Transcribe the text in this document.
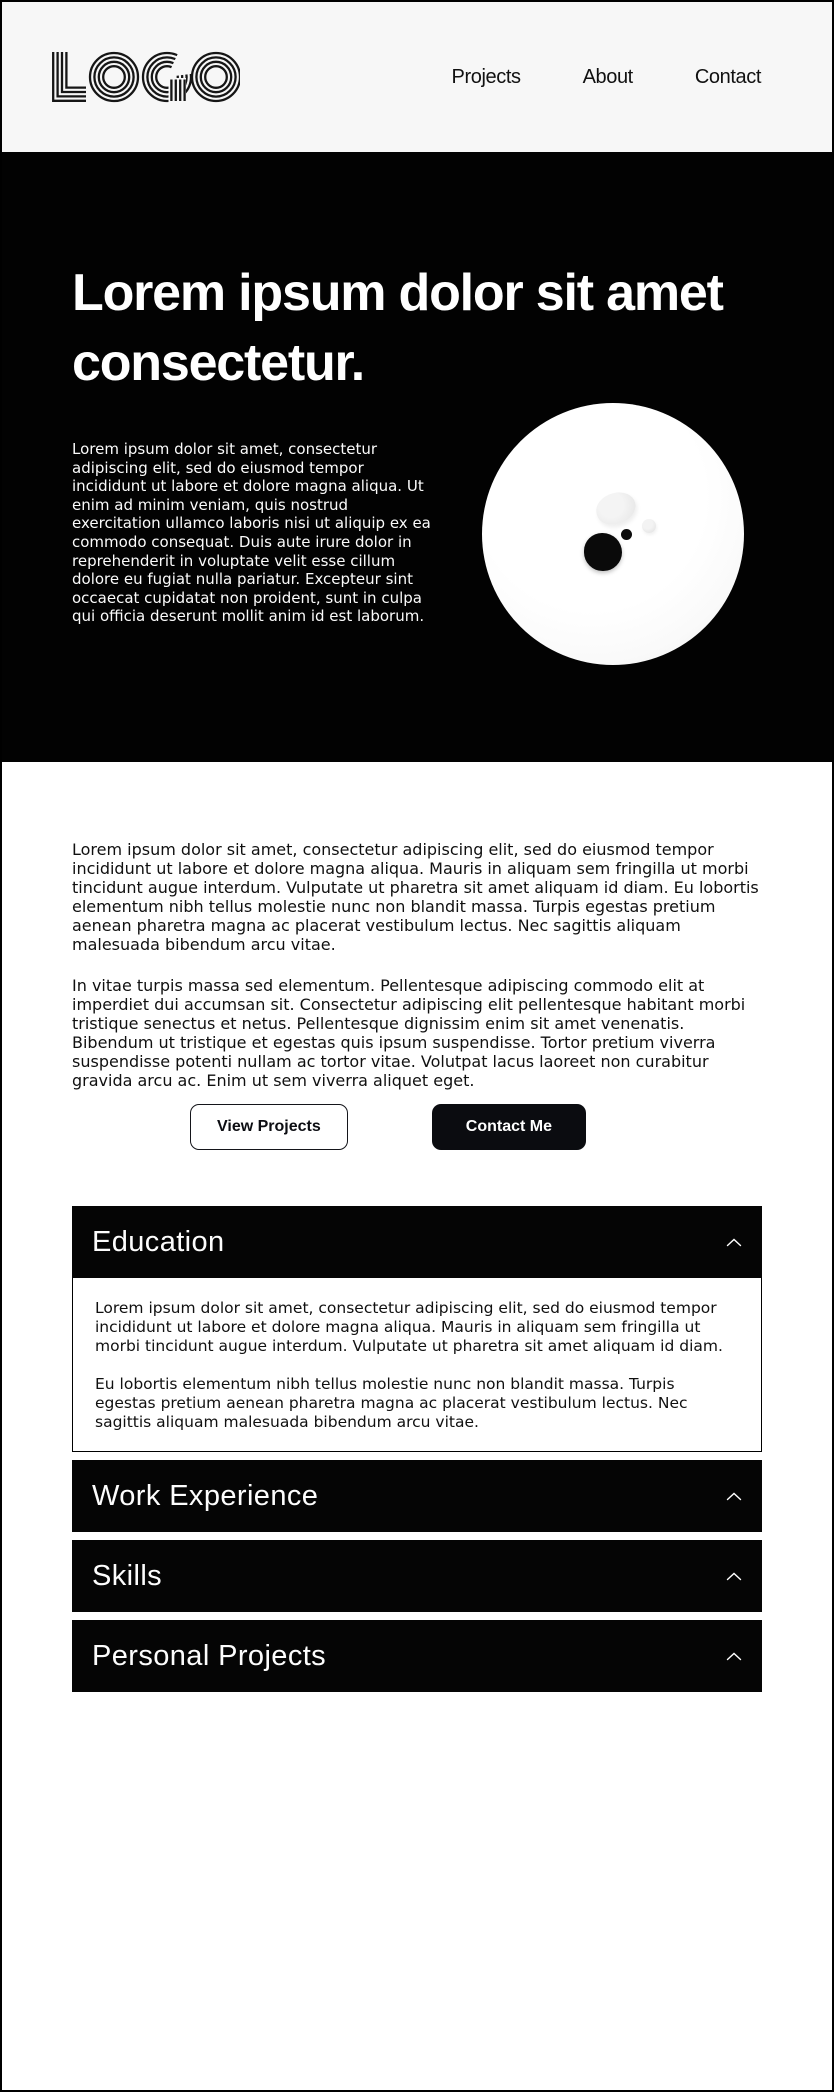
Projects	About	Contact
Lorem ipsum dolor sit amet
consectetur.

Lorem ipsum dolor sit amet, consectetur adipiscing elit, sed do eiusmod tempor incididunt ut labore et dolore magna aliqua. Ut enim ad minim veniam, quis nostrud exercitation ullamco laboris nisi ut aliquip ex ea commodo consequat. Duis aute irure dolor in reprehenderit in voluptate velit esse cillum dolore eu fugiat nulla pariatur. Excepteur sint occaecat cupidatat non proident, sunt in culpa qui officia deserunt mollit anim id est laborum.

Lorem ipsum dolor sit amet, consectetur adipiscing elit, sed do eiusmod tempor incididunt ut labore et dolore magna aliqua. Mauris in aliquam sem fringilla ut morbi tincidunt augue interdum. Vulputate ut pharetra sit amet aliquam id diam. Eu lobortis elementum nibh tellus molestie nunc non blandit massa. Turpis egestas pretium aenean pharetra magna ac placerat vestibulum lectus. Nec sagittis aliquam malesuada bibendum arcu vitae.

In vitae turpis massa sed elementum. Pellentesque adipiscing commodo elit at imperdiet dui accumsan sit. Consectetur adipiscing elit pellentesque habitant morbi tristique senectus et netus. Pellentesque dignissim enim sit amet venenatis. Bibendum ut tristique et egestas quis ipsum suspendisse. Tortor pretium viverra suspendisse potenti nullam ac tortor vitae. Volutpat lacus laoreet non curabitur gravida arcu ac. Enim ut sem viverra aliquet eget.

View Projects	Contact Me
Education

Lorem ipsum dolor sit amet, consectetur adipiscing elit, sed do eiusmod tempor incididunt ut labore et dolore magna aliqua. Mauris in aliquam sem fringilla ut morbi tincidunt augue interdum. Vulputate ut pharetra sit amet aliquam id diam.

Eu lobortis elementum nibh tellus molestie nunc non blandit massa. Turpis egestas pretium aenean pharetra magna ac placerat vestibulum lectus. Nec sagittis aliquam malesuada bibendum arcu vitae.

Work Experience
Skills
Personal Projects
